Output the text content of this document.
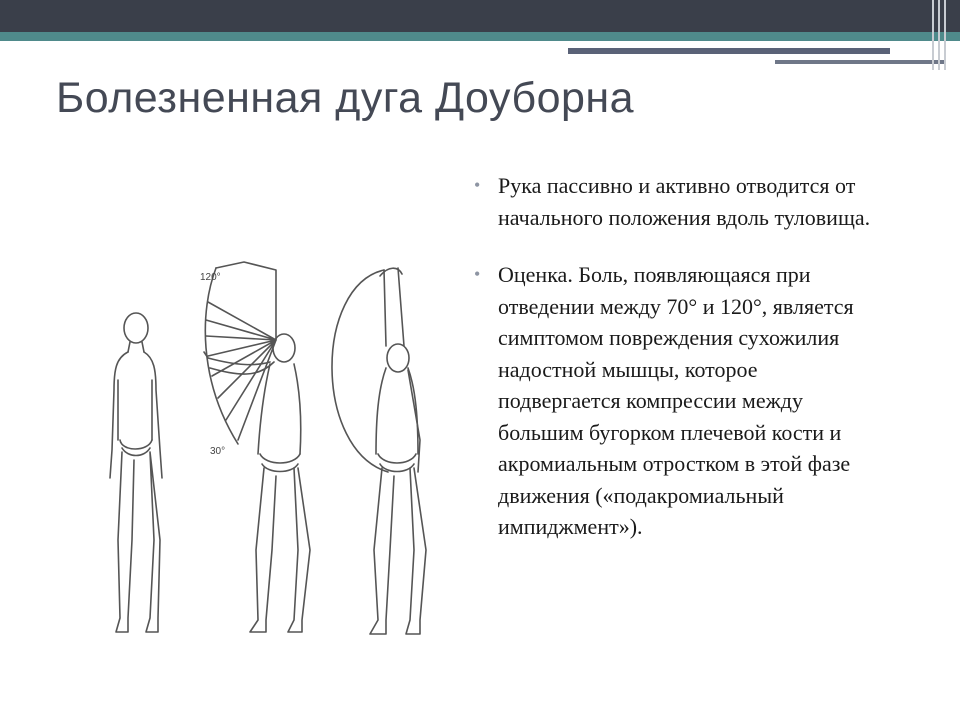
Болезненная дуга Доуборна
120°
30°
• Рука пассивно и активно отводится от начального положения вдоль туловища.
• Оценка. Боль, появляющаяся при отведении между 70° и 120°, является симптомом повреждения сухожилия надостной мышцы, которое подвергается компрессии между большим бугорком плечевой кости и акромиальным отростком в этой фазе движения («подакромиальный импиджмент»).
